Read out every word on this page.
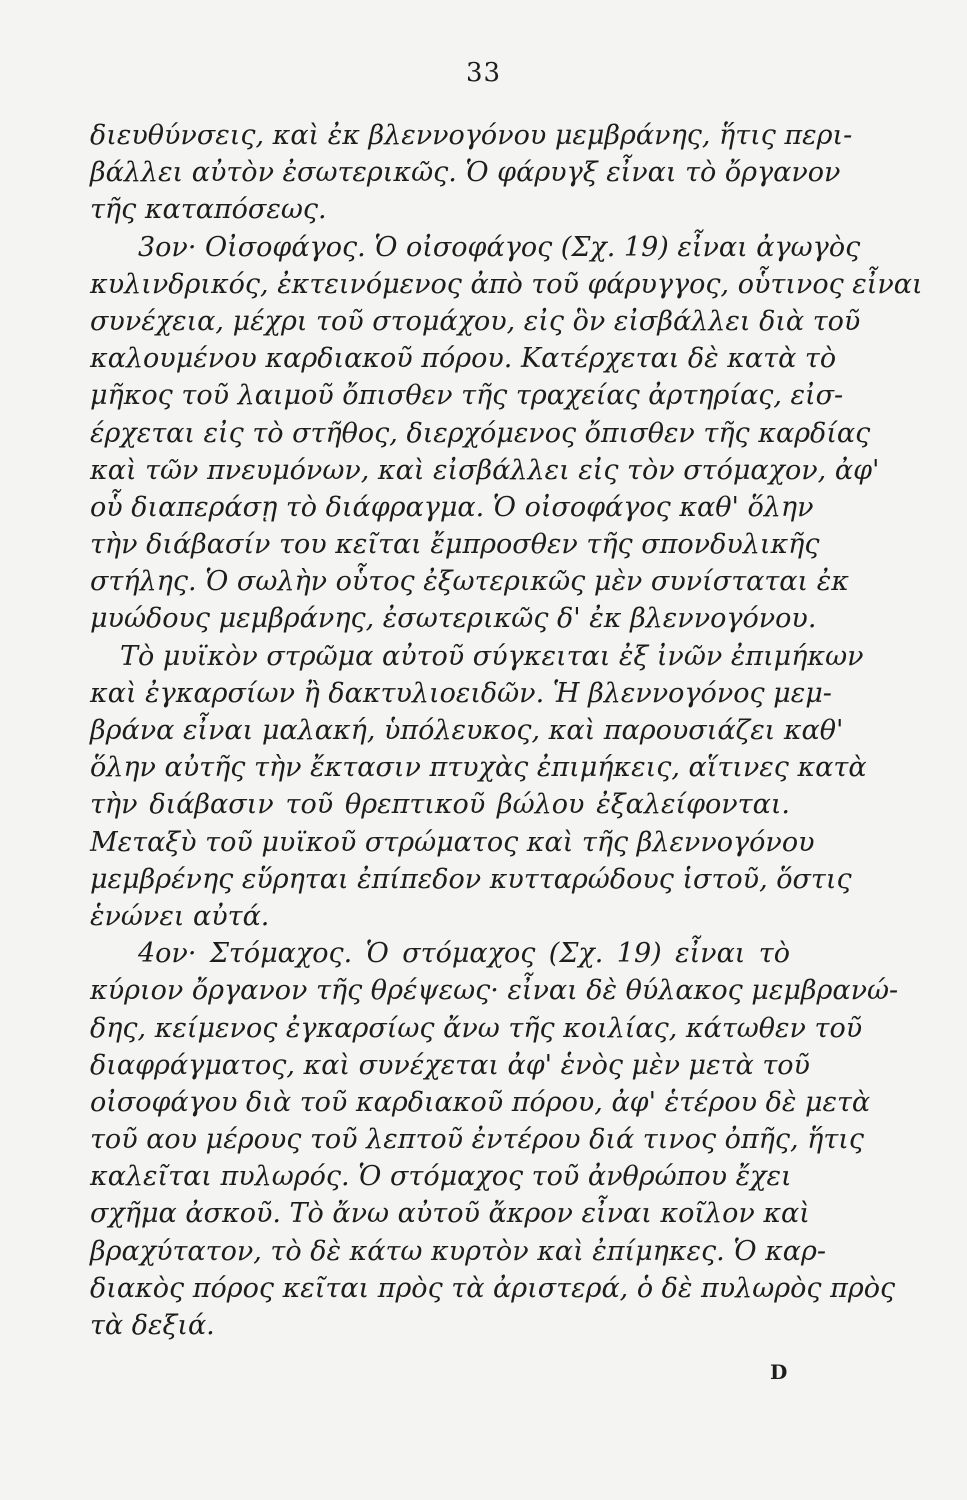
33
διευθύνσεις, καὶ ἐκ βλεννογόνου μεμβράνης, ἥτις περι-
βάλλει αὐτὸν ἐσωτερικῶς. Ὁ φάρυγξ εἶναι τὸ ὄργανον
τῆς καταπόσεως.
3ον· Οἰσοφάγος. Ὁ οἰσοφάγος (Σχ. 19) εἶναι ἀγωγὸς
κυλινδρικός, ἐκτεινόμενος ἀπὸ τοῦ φάρυγγος, οὗτινος εἶναι
συνέχεια, μέχρι τοῦ στομάχου, εἰς ὃν εἰσβάλλει διὰ τοῦ
καλουμένου καρδιακοῦ πόρου. Κατέρχεται δὲ κατὰ τὸ
μῆκος τοῦ λαιμοῦ ὄπισθεν τῆς τραχείας ἀρτηρίας, εἰσ-
έρχεται εἰς τὸ στῆθος, διερχόμενος ὄπισθεν τῆς καρδίας
καὶ τῶν πνευμόνων, καὶ εἰσβάλλει εἰς τὸν στόμαχον, ἀφ'
οὗ διαπεράσῃ τὸ διάφραγμα. Ὁ οἰσοφάγος καθ' ὅλην
τὴν διάβασίν του κεῖται ἔμπροσθεν τῆς σπονδυλικῆς
στήλης. Ὁ σωλὴν οὗτος ἐξωτερικῶς μὲν συνίσταται ἐκ
μυώδους μεμβράνης, ἐσωτερικῶς δ' ἐκ βλεννογόνου.
Τὸ μυϊκὸν στρῶμα αὐτοῦ σύγκειται ἐξ ἰνῶν ἐπιμήκων
καὶ ἐγκαρσίων ἢ δακτυλιοειδῶν. Ἡ βλεννογόνος μεμ-
βράνα εἶναι μαλακή, ὑπόλευκος, καὶ παρουσιάζει καθ'
ὅλην αὐτῆς τὴν ἔκτασιν πτυχὰς ἐπιμήκεις, αἵτινες κατὰ
τὴν διάβασιν τοῦ θρεπτικοῦ βώλου ἐξαλείφονται.
Μεταξὺ τοῦ μυϊκοῦ στρώματος καὶ τῆς βλεννογόνου
μεμβρένης εὕρηται ἐπίπεδον κυτταρώδους ἱστοῦ, ὅστις
ἑνώνει αὐτά.
4ον· Στόμαχος. Ὁ στόμαχος (Σχ. 19) εἶναι τὸ
κύριον ὄργανον τῆς θρέψεως· εἶναι δὲ θύλακος μεμβρανώ-
δης, κείμενος ἐγκαρσίως ἄνω τῆς κοιλίας, κάτωθεν τοῦ
διαφράγματος, καὶ συνέχεται ἀφ' ἑνὸς μὲν μετὰ τοῦ
οἰσοφάγου διὰ τοῦ καρδιακοῦ πόρου, ἀφ' ἑτέρου δὲ μετὰ
τοῦ αου μέρους τοῦ λεπτοῦ ἐντέρου διά τινος ὀπῆς, ἥτις
καλεῖται πυλωρός. Ὁ στόμαχος τοῦ ἀνθρώπου ἔχει
σχῆμα ἀσκοῦ. Τὸ ἄνω αὐτοῦ ἄκρον εἶναι κοῖλον καὶ
βραχύτατον, τὸ δὲ κάτω κυρτὸν καὶ ἐπίμηκες. Ὁ καρ-
διακὸς πόρος κεῖται πρὸς τὰ ἀριστερά, ὁ δὲ πυλωρὸς πρὸς
τὰ δεξιά.
D
